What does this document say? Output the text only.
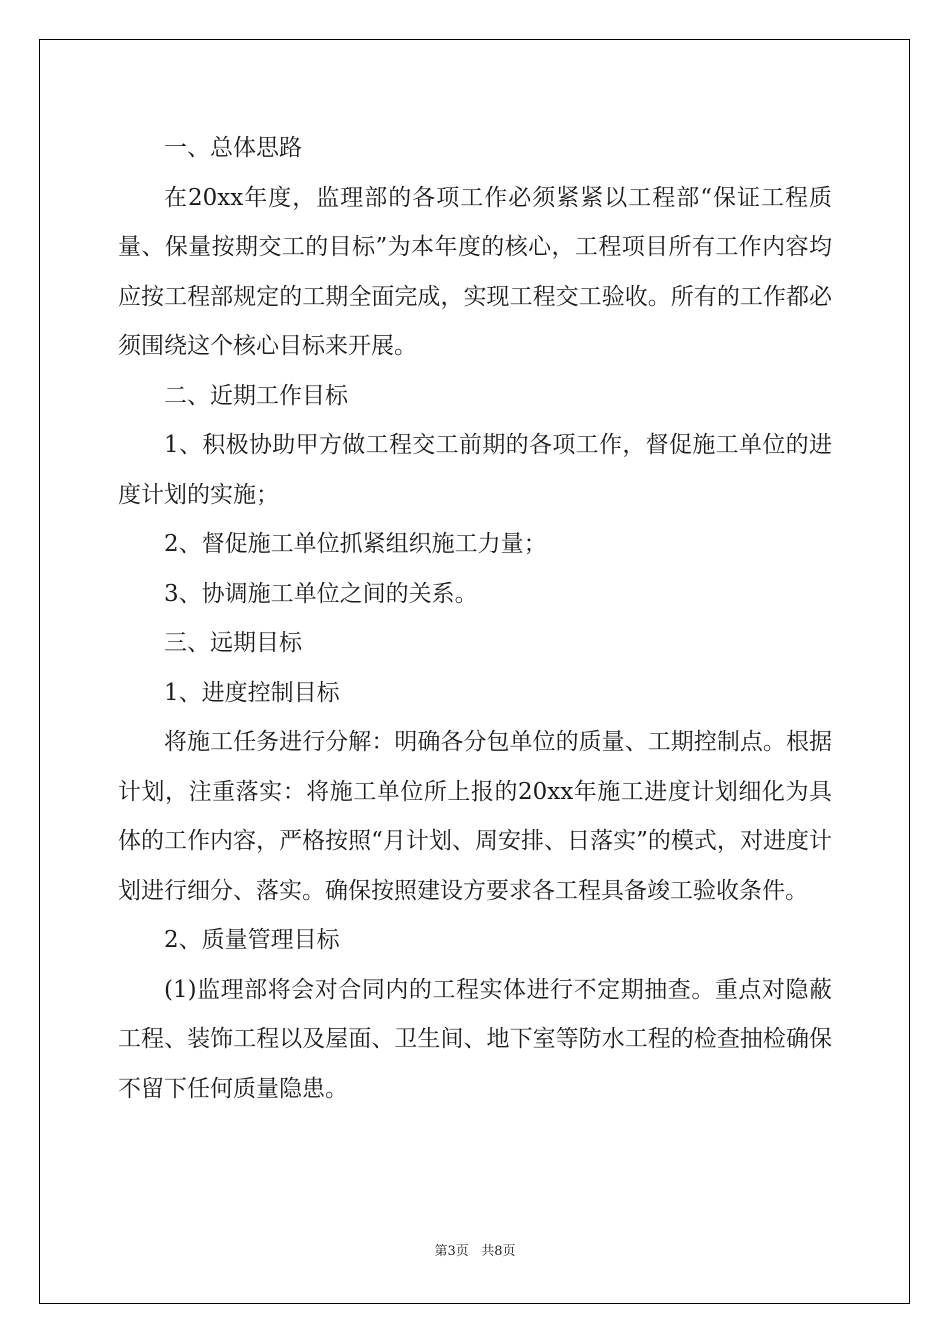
一、总体思路

在20xx年度，监理部的各项工作必须紧紧以工程部“保证工程质量、保量按期交工的目标”为本年度的核心，工程项目所有工作内容均应按工程部规定的工期全面完成，实现工程交工验收。所有的工作都必须围绕这个核心目标来开展。

二、近期工作目标

1、积极协助甲方做工程交工前期的各项工作，督促施工单位的进度计划的实施；

2、督促施工单位抓紧组织施工力量；

3、协调施工单位之间的关系。

三、远期目标

1、进度控制目标

将施工任务进行分解：明确各分包单位的质量、工期控制点。根据计划，注重落实：将施工单位所上报的20xx年施工进度计划细化为具体的工作内容，严格按照“月计划、周安排、日落实”的模式，对进度计划进行细分、落实。确保按照建设方要求各工程具备竣工验收条件。

2、质量管理目标

(1)监理部将会对合同内的工程实体进行不定期抽查。重点对隐蔽工程、装饰工程以及屋面、卫生间、地下室等防水工程的检查抽检确保不留下任何质量隐患。

第3页 共8页
